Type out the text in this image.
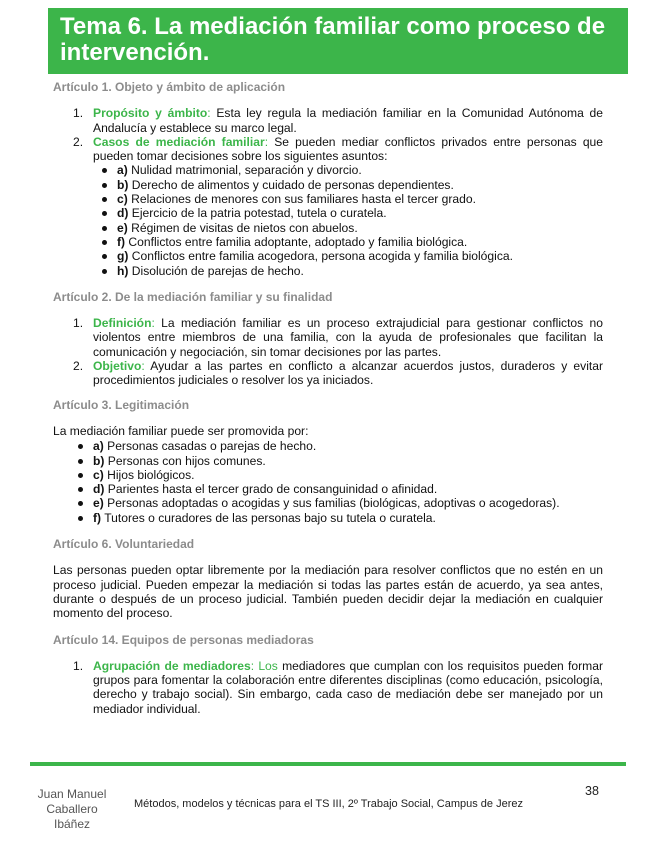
Tema 6. La mediación familiar como proceso de intervención.
Artículo 1. Objeto y ámbito de aplicación
1. Propósito y ámbito: Esta ley regula la mediación familiar en la Comunidad Autónoma de Andalucía y establece su marco legal.
2. Casos de mediación familiar: Se pueden mediar conflictos privados entre personas que pueden tomar decisiones sobre los siguientes asuntos:
a) Nulidad matrimonial, separación y divorcio.
b) Derecho de alimentos y cuidado de personas dependientes.
c) Relaciones de menores con sus familiares hasta el tercer grado.
d) Ejercicio de la patria potestad, tutela o curatela.
e) Régimen de visitas de nietos con abuelos.
f) Conflictos entre familia adoptante, adoptado y familia biológica.
g) Conflictos entre familia acogedora, persona acogida y familia biológica.
h) Disolución de parejas de hecho.
Artículo 2. De la mediación familiar y su finalidad
1. Definición: La mediación familiar es un proceso extrajudicial para gestionar conflictos no violentos entre miembros de una familia, con la ayuda de profesionales que facilitan la comunicación y negociación, sin tomar decisiones por las partes.
2. Objetivo: Ayudar a las partes en conflicto a alcanzar acuerdos justos, duraderos y evitar procedimientos judiciales o resolver los ya iniciados.
Artículo 3. Legitimación

La mediación familiar puede ser promovida por:

a) Personas casadas o parejas de hecho.
b) Personas con hijos comunes.
c) Hijos biológicos.
d) Parientes hasta el tercer grado de consanguinidad o afinidad.
e) Personas adoptadas o acogidas y sus familias (biológicas, adoptivas o acogedoras).
f) Tutores o curadores de las personas bajo su tutela o curatela.
Artículo 6. Voluntariedad

Las personas pueden optar libremente por la mediación para resolver conflictos que no estén en un proceso judicial. Pueden empezar la mediación si todas las partes están de acuerdo, ya sea antes, durante o después de un proceso judicial. También pueden decidir dejar la mediación en cualquier momento del proceso.

Artículo 14. Equipos de personas mediadoras
1. Agrupación de mediadores: Los mediadores que cumplan con los requisitos pueden formar grupos para fomentar la colaboración entre diferentes disciplinas (como educación, psicología, derecho y trabajo social). Sin embargo, cada caso de mediación debe ser manejado por un mediador individual.
Juan Manuel Caballero Ibáñez
Métodos, modelos y técnicas para el TS III, 2º Trabajo Social, Campus de Jerez
38
